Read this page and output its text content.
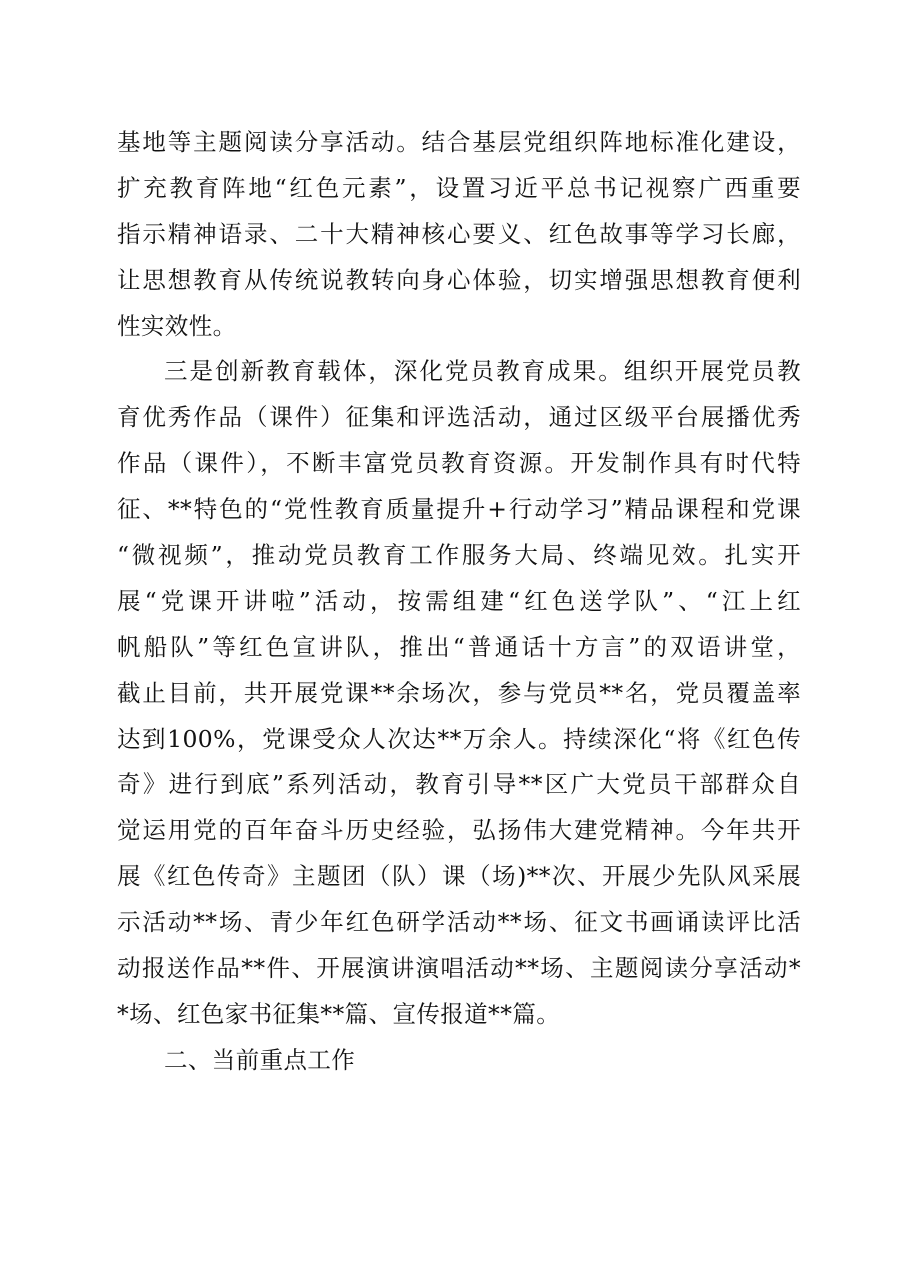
基地等主题阅读分享活动。结合基层党组织阵地标准化建设，
扩充教育阵地“红色元素”，设置习近平总书记视察广西重要
指示精神语录、二十大精神核心要义、红色故事等学习长廊，
让思想教育从传统说教转向身心体验，切实增强思想教育便利
性实效性。
三是创新教育载体，深化党员教育成果。组织开展党员教
育优秀作品（课件）征集和评选活动，通过区级平台展播优秀
作品（课件），不断丰富党员教育资源。开发制作具有时代特
征、**特色的“党性教育质量提升+行动学习”精品课程和党课
“微视频”，推动党员教育工作服务大局、终端见效。扎实开
展“党课开讲啦”活动，按需组建“红色送学队”、“江上红
帆船队”等红色宣讲队，推出“普通话十方言”的双语讲堂，
截止目前，共开展党课**余场次，参与党员**名，党员覆盖率
达到100%，党课受众人次达**万余人。持续深化“将《红色传
奇》进行到底”系列活动，教育引导**区广大党员干部群众自
觉运用党的百年奋斗历史经验，弘扬伟大建党精神。今年共开
展《红色传奇》主题团（队）课（场)**次、开展少先队风采展
示活动**场、青少年红色研学活动**场、征文书画诵读评比活
动报送作品**件、开展演讲演唱活动**场、主题阅读分享活动*
*场、红色家书征集**篇、宣传报道**篇。
二、当前重点工作
